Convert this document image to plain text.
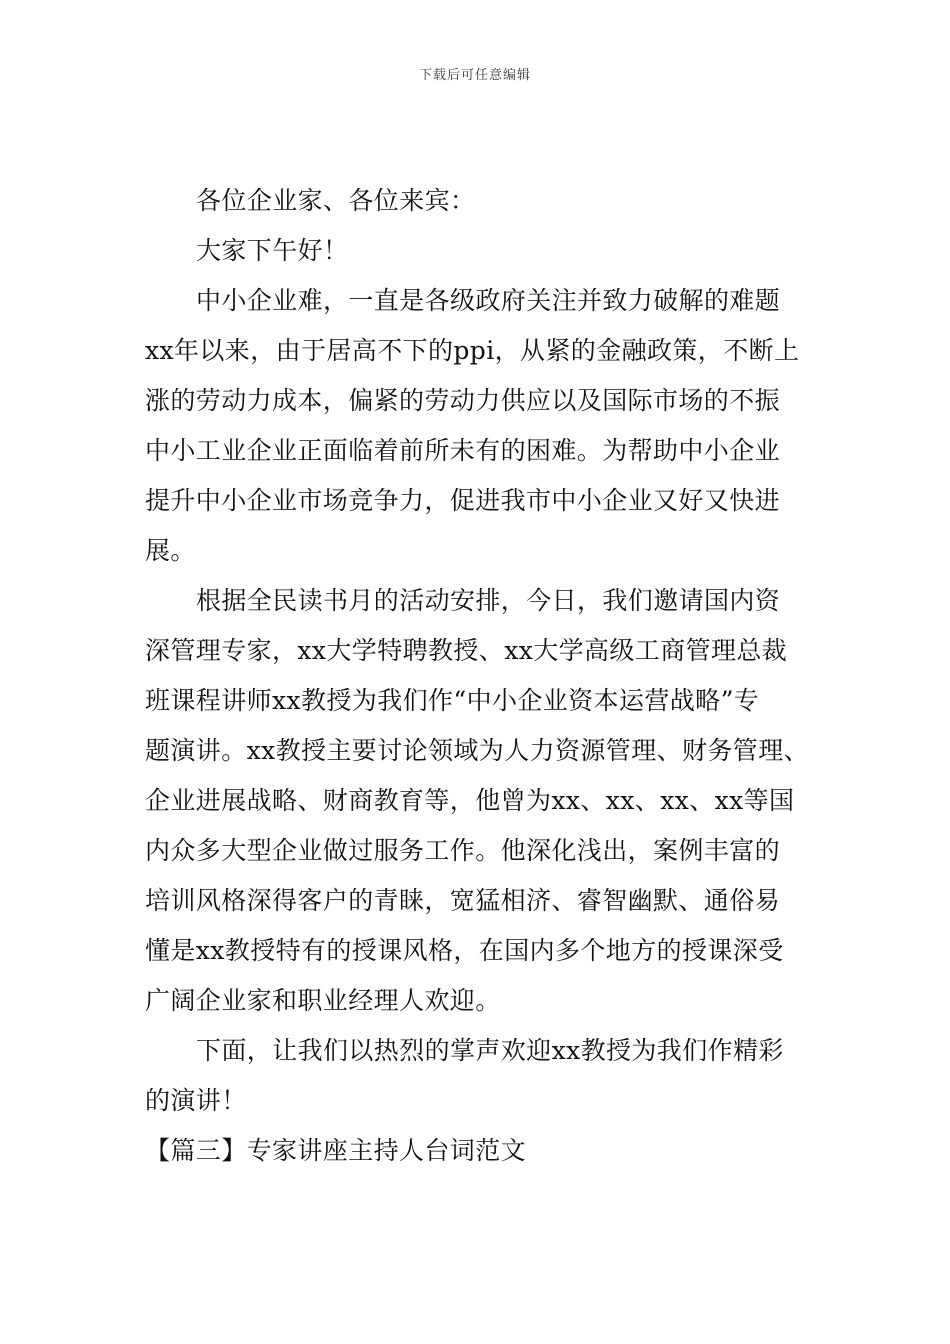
下载后可任意编辑
各位企业家、各位来宾：
大家下午好！
中小企业难，一直是各级政府关注并致力破解的难题
xx年以来，由于居高不下的ppi，从紧的金融政策，不断上
涨的劳动力成本，偏紧的劳动力供应以及国际市场的不振
中小工业企业正面临着前所未有的困难。为帮助中小企业
提升中小企业市场竞争力，促进我市中小企业又好又快进
展。
根据全民读书月的活动安排，今日，我们邀请国内资
深管理专家，xx大学特聘教授、xx大学高级工商管理总裁
班课程讲师xx教授为我们作“中小企业资本运营战略”专
题演讲。xx教授主要讨论领域为人力资源管理、财务管理、
企业进展战略、财商教育等，他曾为xx、xx、xx、xx等国
内众多大型企业做过服务工作。他深化浅出，案例丰富的
培训风格深得客户的青睐，宽猛相济、睿智幽默、通俗易
懂是xx教授特有的授课风格，在国内多个地方的授课深受
广阔企业家和职业经理人欢迎。
下面，让我们以热烈的掌声欢迎xx教授为我们作精彩
的演讲！
【篇三】专家讲座主持人台词范文
